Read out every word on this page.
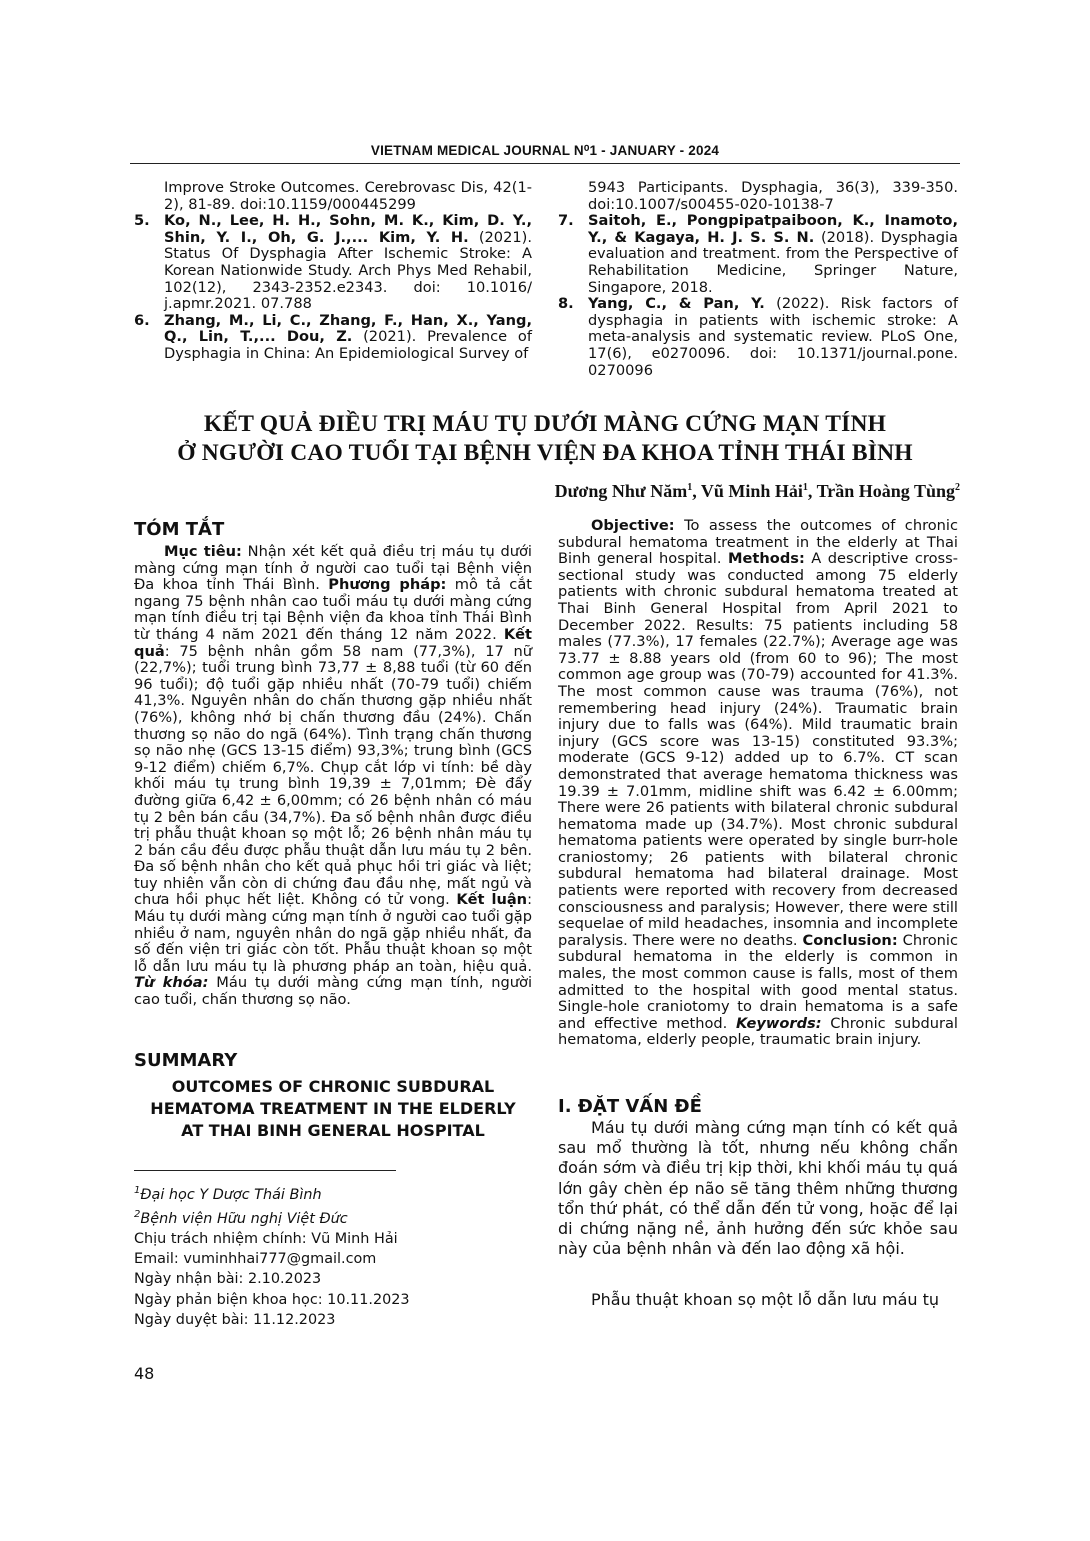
VIETNAM MEDICAL JOURNAL N⁰1 - JANUARY - 2024
Improve Stroke Outcomes. Cerebrovasc Dis, 42(1-2), 81-89. doi:10.1159/000445299
5. Ko, N., Lee, H. H., Sohn, M. K., Kim, D. Y., Shin, Y. I., Oh, G. J.,... Kim, Y. H. (2021). Status Of Dysphagia After Ischemic Stroke: A Korean Nationwide Study. Arch Phys Med Rehabil, 102(12), 2343-2352.e2343. doi: 10.1016/ j.apmr.2021. 07.788
6. Zhang, M., Li, C., Zhang, F., Han, X., Yang, Q., Lin, T.,... Dou, Z. (2021). Prevalence of Dysphagia in China: An Epidemiological Survey of
5943 Participants. Dysphagia, 36(3), 339-350. doi:10.1007/s00455-020-10138-7
7. Saitoh, E., Pongpipatpaiboon, K., Inamoto, Y., & Kagaya, H. J. S. S. N. (2018). Dysphagia evaluation and treatment. from the Perspective of Rehabilitation Medicine, Springer Nature, Singapore, 2018.
8. Yang, C., & Pan, Y. (2022). Risk factors of dysphagia in patients with ischemic stroke: A meta-analysis and systematic review. PLoS One, 17(6), e0270096. doi: 10.1371/journal.pone. 0270096
KẾT QUẢ ĐIỀU TRỊ MÁU TỤ DƯỚI MÀNG CỨNG MẠN TÍNH
Ở NGƯỜI CAO TUỔI TẠI BỆNH VIỆN ĐA KHOA TỈNH THÁI BÌNH
Dương Như Năm$^1$, Vũ Minh Hải$^1$, Trần Hoàng Tùng$^2$
TÓM TẮT
Mục tiêu: Nhận xét kết quả điều trị máu tụ dưới màng cứng mạn tính ở người cao tuổi tại Bệnh viện Đa khoa tỉnh Thái Bình. Phương pháp: mô tả cắt ngang 75 bệnh nhân cao tuổi máu tụ dưới màng cứng mạn tính điều trị tại Bệnh viện đa khoa tỉnh Thái Bình từ tháng 4 năm 2021 đến tháng 12 năm 2022. Kết quả: 75 bệnh nhân gồm 58 nam (77,3%), 17 nữ (22,7%); tuổi trung bình 73,77 ± 8,88 tuổi (từ 60 đến 96 tuổi); độ tuổi gặp nhiều nhất (70-79 tuổi) chiếm 41,3%. Nguyên nhân do chấn thương gặp nhiều nhất (76%), không nhớ bị chấn thương đầu (24%). Chấn thương sọ não do ngã (64%). Tình trạng chấn thương sọ não nhẹ (GCS 13-15 điểm) 93,3%; trung bình (GCS 9-12 điểm) chiếm 6,7%. Chụp cắt lớp vi tính: bề dày khối máu tụ trung bình 19,39 ± 7,01mm; Đè đẩy đường giữa 6,42 ± 6,00mm; có 26 bệnh nhân có máu tụ 2 bên bán cầu (34,7%). Đa số bệnh nhân được điều trị phẫu thuật khoan sọ một lỗ; 26 bệnh nhân máu tụ 2 bán cầu đều được phẫu thuật dẫn lưu máu tụ 2 bên. Đa số bệnh nhân cho kết quả phục hồi tri giác và liệt; tuy nhiên vẫn còn di chứng đau đầu nhẹ, mất ngủ và chưa hồi phục hết liệt. Không có tử vong. Kết luận: Máu tụ dưới màng cứng mạn tính ở người cao tuổi gặp nhiều ở nam, nguyên nhân do ngã gặp nhiều nhất, đa số đến viện tri giác còn tốt. Phẫu thuật khoan sọ một lỗ dẫn lưu máu tụ là phương pháp an toàn, hiệu quả. Từ khóa: Máu tụ dưới màng cứng mạn tính, người cao tuổi, chấn thương sọ não.
SUMMARY
OUTCOMES OF CHRONIC SUBDURAL HEMATOMA TREATMENT IN THE ELDERLY AT THAI BINH GENERAL HOSPITAL
$^1$Đại học Y Dược Thái Bình
$^2$Bệnh viện Hữu nghị Việt Đức
Chịu trách nhiệm chính: Vũ Minh Hải
Email: vuminhhai777@gmail.com
Ngày nhận bài: 2.10.2023
Ngày phản biện khoa học: 10.11.2023
Ngày duyệt bài: 11.12.2023
Objective: To assess the outcomes of chronic subdural hematoma treatment in the elderly at Thai Binh general hospital. Methods: A descriptive cross-sectional study was conducted among 75 elderly patients with chronic subdural hematoma treated at Thai Binh General Hospital from April 2021 to December 2022. Results: 75 patients including 58 males (77.3%), 17 females (22.7%); Average age was 73.77 ± 8.88 years old (from 60 to 96); The most common age group was (70-79) accounted for 41.3%. The most common cause was trauma (76%), not remembering head injury (24%). Traumatic brain injury due to falls was (64%). Mild traumatic brain injury (GCS score was 13-15) constituted 93.3%; moderate (GCS 9-12) added up to 6.7%. CT scan demonstrated that average hematoma thickness was 19.39 ± 7.01mm, midline shift was 6.42 ± 6.00mm; There were 26 patients with bilateral chronic subdural hematoma made up (34.7%). Most chronic subdural hematoma patients were operated by single burr-hole craniostomy; 26 patients with bilateral chronic subdural hematoma had bilateral drainage. Most patients were reported with recovery from decreased consciousness and paralysis; However, there were still sequelae of mild headaches, insomnia and incomplete paralysis. There were no deaths. Conclusion: Chronic subdural hematoma in the elderly is common in males, the most common cause is falls, most of them admitted to the hospital with good mental status. Single-hole craniotomy to drain hematoma is a safe and effective method. Keywords: Chronic subdural hematoma, elderly people, traumatic brain injury.
I. ĐẶT VẤN ĐỀ
Máu tụ dưới màng cứng mạn tính có kết quả sau mổ thường là tốt, nhưng nếu không chẩn đoán sớm và điều trị kịp thời, khi khối máu tụ quá lớn gây chèn ép não sẽ tăng thêm những thương tổn thứ phát, có thể dẫn đến tử vong, hoặc để lại di chứng nặng nề, ảnh hưởng đến sức khỏe sau này của bệnh nhân và đến lao động xã hội.
Phẫu thuật khoan sọ một lỗ dẫn lưu máu tụ
48
